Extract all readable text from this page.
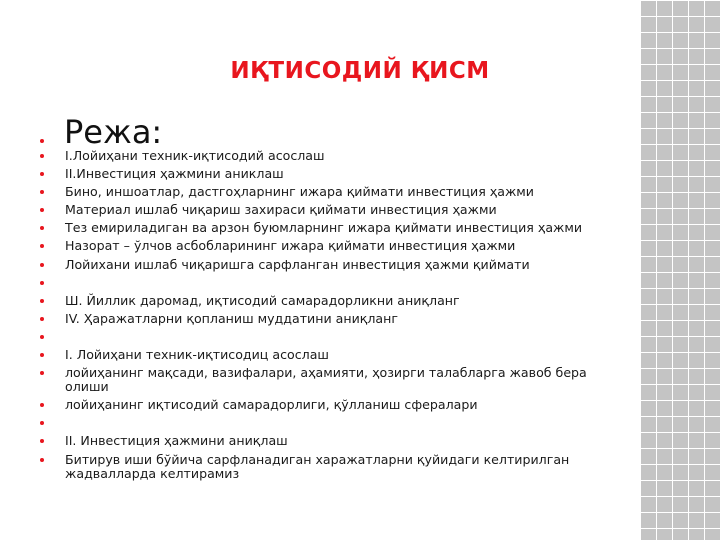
ИҚТИСОДИЙ ҚИСМ
Режа:
I.Лойиҳани техник-иқтисодий асослаш
II.Инвестиция ҳажмини аниклаш
Бино, иншоатлар, дастгоҳларнинг ижара қиймати инвестиция ҳажми
Материал ишлаб чиқариш захираси қиймати инвестиция ҳажми
Тез емириладиган ва арзон буюмларнинг ижара қиймати инвестиция ҳажми
Назорат – ўлчов асбобларининг ижара қиймати инвестиция ҳажми
Лойихани ишлаб чиқаришга сарфланган инвестиция ҳажми қиймати
Ш. Йиллик даромад, иқтисодий самарадорликни аниқланг
IV. Ҳаражатларни қопланиш муддатини аниқланг
I. Лойиҳани техник-иқтисодиц асослаш
лойиҳанинг мақсади, вазифалари, аҳамияти, ҳозирги талабларга жавоб бера олиши
лойиҳанинг иқтисодий самарадорлиги, қўлланиш сфералари
II. Инвестиция ҳажмини аниқлаш
Битирув иши бўйича сарфланадиган харажатларни қуйидаги келтирилган жадвалларда келтирамиз
